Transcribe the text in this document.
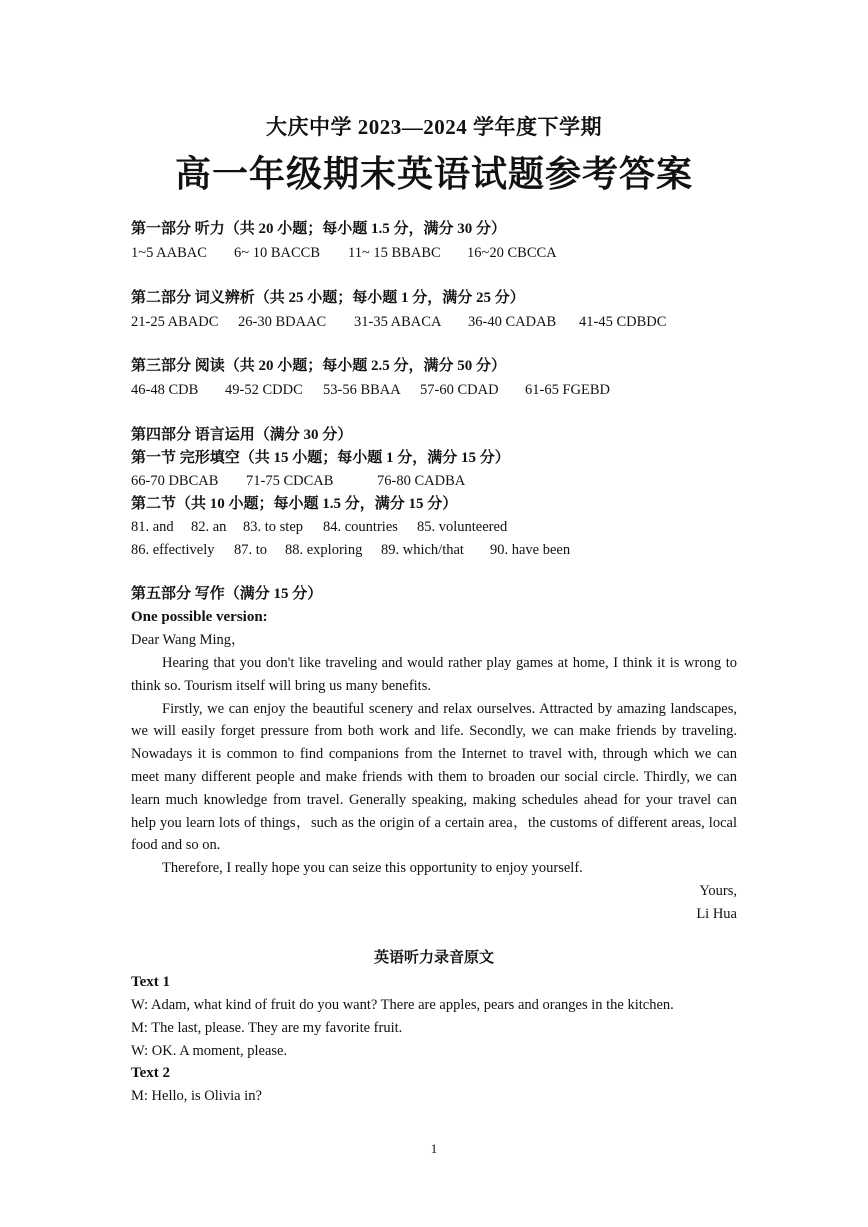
大庆中学 2023—2024 学年度下学期
高一年级期末英语试题参考答案
第一部分 听力（共 20 小题；每小题 1.5 分，满分 30 分）
1~5 AABAC 6~ 10 BACCB 11~ 15 BBABC 16~20 CBCCA
第二部分 词义辨析（共 25 小题；每小题 1 分，满分 25 分）
21-25 ABADC 26-30 BDAAC 31-35 ABACA 36-40 CADAB 41-45 CDBDC
第三部分 阅读（共 20 小题；每小题 2.5 分，满分 50 分）
46-48 CDB 49-52 CDDC 53-56 BBAA 57-60 CDAD 61-65 FGEBD
第四部分 语言运用（满分 30 分）
第一节 完形填空（共 15 小题；每小题 1 分，满分 15 分）
66-70 DBCAB 71-75 CDCAB	76-80 CADBA
第二节（共 10 小题；每小题 1.5 分，满分 15 分）
81. and 82. an 83. to step 84. countries 85. volunteered
86. effectively 87. to 88. exploring 89. which/that 90. have been
第五部分 写作（满分 15 分）
One possible version:
Dear Wang Ming，

Hearing that you don't like traveling and would rather play games at home, I think it is wrong to think so. Tourism itself will bring us many benefits.

Firstly, we can enjoy the beautiful scenery and relax ourselves. Attracted by amazing landscapes, we will easily forget pressure from both work and life. Secondly, we can make friends by traveling. Nowadays it is common to find companions from the Internet to travel with, through which we can meet many different people and make friends with them to broaden our social circle. Thirdly, we can learn much knowledge from travel. Generally speaking, making schedules ahead for your travel can help you learn lots of things，such as the origin of a certain area，the customs of different areas, local food and so on.

Therefore, I really hope you can seize this opportunity to enjoy yourself.

Yours,
Li Hua
英语听力录音原文
Text 1
W: Adam, what kind of fruit do you want? There are apples, pears and oranges in the kitchen.
M: The last, please. They are my favorite fruit.
W: OK. A moment, please.
Text 2
M: Hello, is Olivia in?
1
